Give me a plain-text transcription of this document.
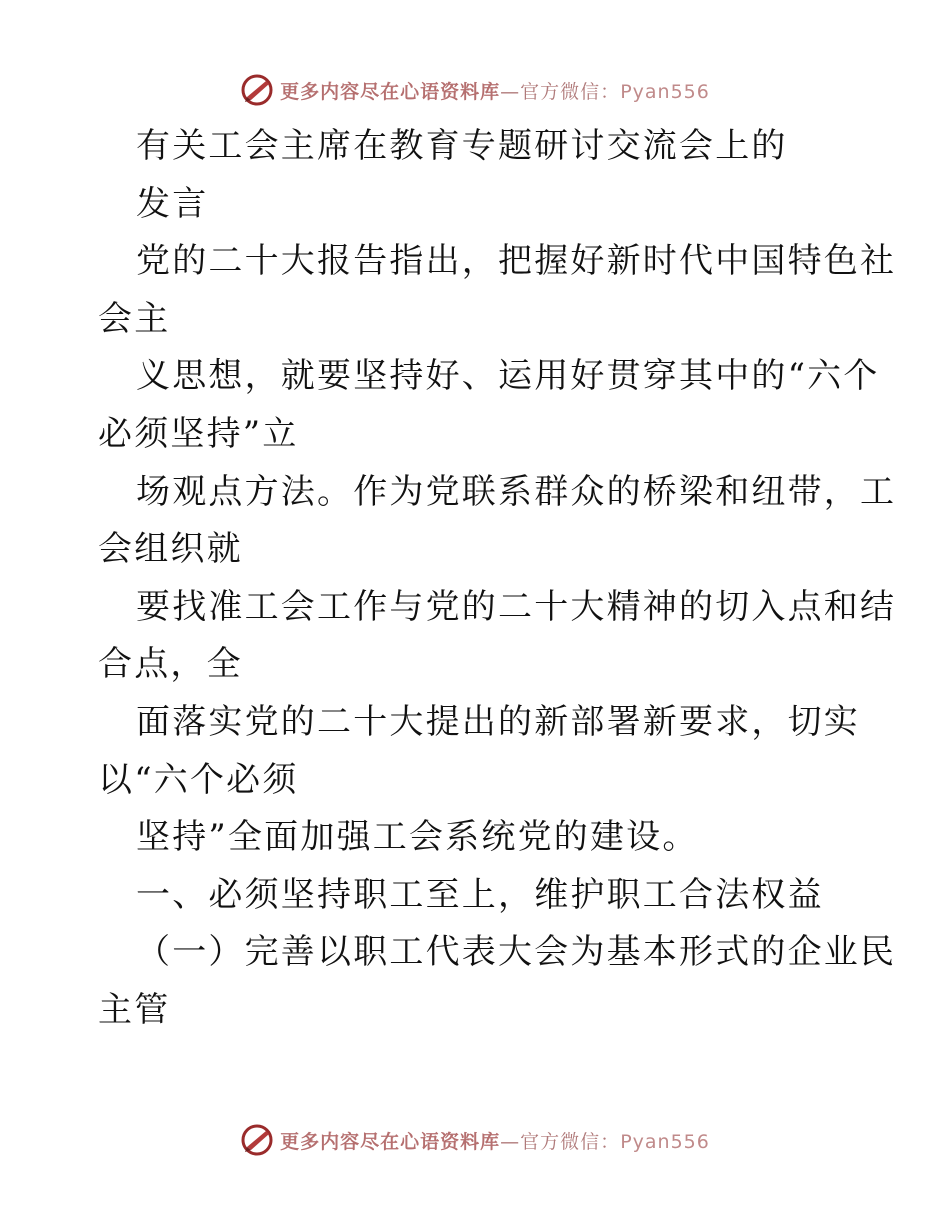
更多内容尽在心语资料库—官方微信：Pyan556
有关工会主席在教育专题研讨交流会上的
发言
党的二十大报告指出，把握好新时代中国特色社
会主
义思想，就要坚持好、运用好贯穿其中的“六个
必须坚持”立
场观点方法。作为党联系群众的桥梁和纽带，工
会组织就
要找准工会工作与党的二十大精神的切入点和结
合点，全
面落实党的二十大提出的新部署新要求，切实
以“六个必须
坚持”全面加强工会系统党的建设。
一、必须坚持职工至上，维护职工合法权益
（一）完善以职工代表大会为基本形式的企业民
主管
更多内容尽在心语资料库—官方微信：Pyan556
